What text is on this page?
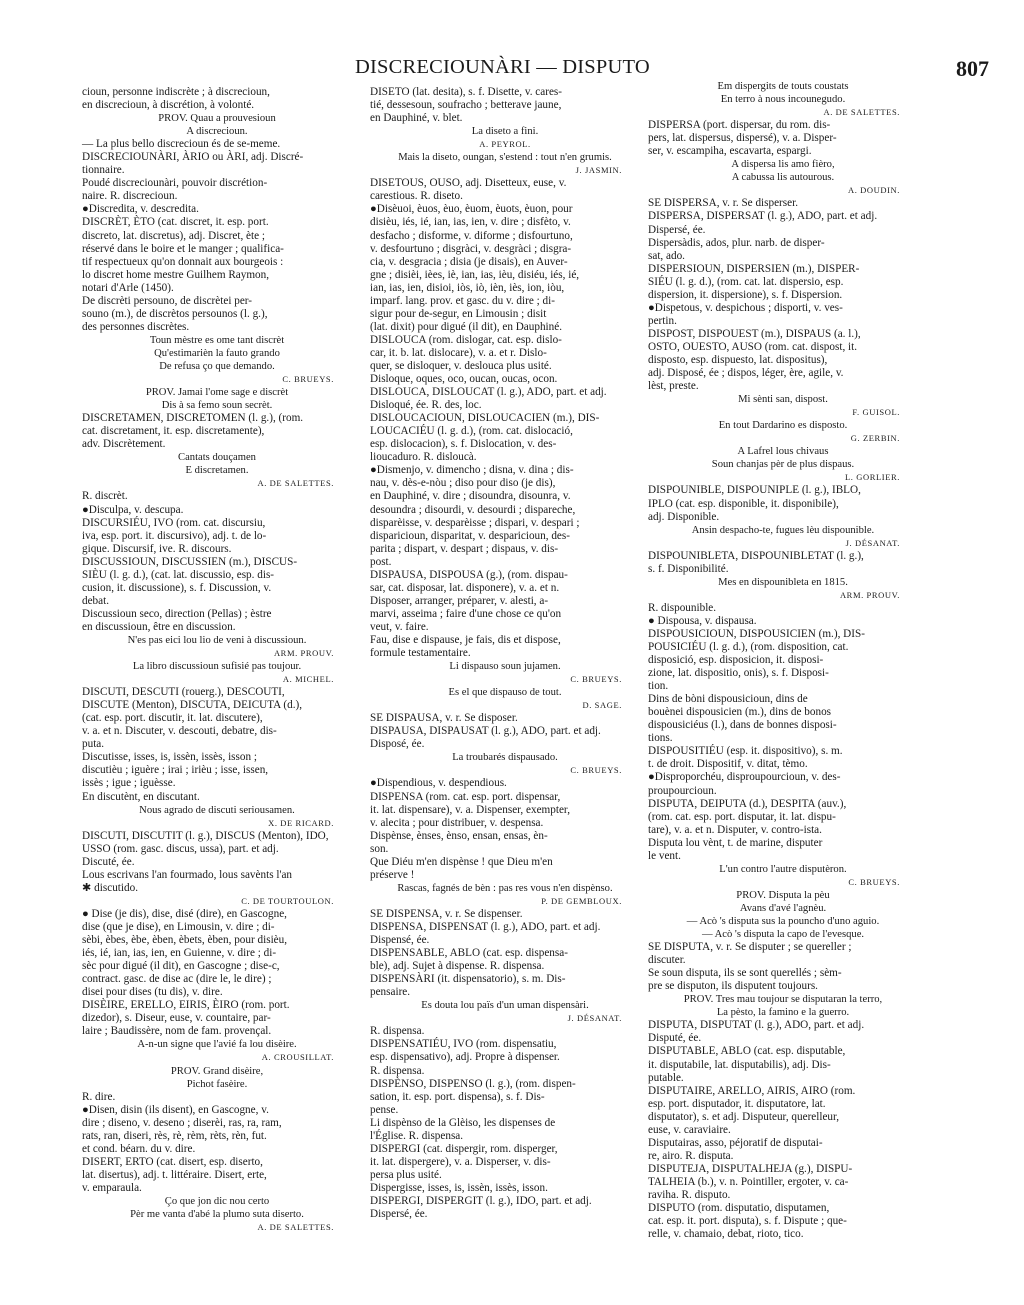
DISCRECIOUNÀRI — DISPUTO	807
cioun, personne indiscrète ; à discrecioun,
en discrecioun, à discrétion, à volonté.
PROV. Quau a prouvesioun
A discrecioun.
— La plus bello discrecioun és de se-meme.
DISCRECIOUNÀRI, ÀRIO ou ÀRI, adj. Discré-
tionnaire.
Poudé discreciounàri, pouvoir discrétion-
naire. R. discrecioun.
●Discredita, v. descredita.
DISCRÈT, ÈTO (cat. discret, it. esp. port.
discreto, lat. discretus), adj. Discret, ète ;
réservé dans le boire et le manger ; qualifica-
tif respectueux qu'on donnait aux bourgeois :
lo discret home mestre Guilhem Raymon,
notari d'Arle (1450).
De discrèti persouno, de discrètei per-
souno (m.), de discrètos persounos (l. g.),
des personnes discrètes.
Toun mèstre es ome tant discrèt
Qu'estimarièn la fauto grando
De refusa ço que demando.
C. BRUEYS.
PROV. Jamai l'ome sage e discrèt
Dis à sa femo soun secrèt.
DISCRETAMEN, DISCRETOMEN (l. g.), (rom.
cat. discretament, it. esp. discretamente),
adv. Discrètement.
Cantats douçamen
E discretamen.
A. DE SALETTES.
R. discrèt.
●Disculpa, v. descupa.
DISCURSIÉU, IVO (rom. cat. discursiu,
iva, esp. port. it. discursivo), adj. t. de lo-
gique. Discursif, ive. R. discours.
DISCUSSIOUN, DISCUSSIEN (m.), DISCUS-
SIÈU (l. g. d.), (cat. lat. discussio, esp. dis-
cusion, it. discussione), s. f. Discussion, v.
debat.
Discussioun seco, direction (Pellas) ; èstre
en discussioun, être en discussion.
N'es pas eici lou lio de veni à discussioun.
ARM. PROUV.
La libro discussioun sufisié pas toujour.
A. MICHEL.
DISCUTI, DESCUTI (rouerg.), DESCOUTI,
DISCUTE (Menton), DISCUTA, DEICUTA (d.),
(cat. esp. port. discutir, it. lat. discutere),
v. a. et n. Discuter, v. descouti, debatre, dis-
puta.
Discutisse, isses, is, issèn, issès, isson ;
discutièu ; iguère ; irai ; irièu ; isse, issen,
issès ; igue ; iguèsse.
En discutènt, en discutant.
Nous agrado de discuti seriousamen.
X. DE RICARD.
DISCUTI, DISCUTIT (l. g.), DISCUS (Menton), IDO,
USSO (rom. gasc. discus, ussa), part. et adj.
Discuté, ée.
Lous escrivans l'an fourmado, lous savènts l'an
✱ discutido.
C. DE TOURTOULON.
● Dise (je dis), dise, disé (dire), en Gascogne,
dise (que je dise), en Limousin, v. dire ; di-
sèbi, èbes, èbe, èben, èbets, èben, pour disièu,
iés, ié, ian, ias, ien, en Guienne, v. dire ; di-
sèc pour digué (il dit), en Gascogne ; dise-c,
contract. gasc. de dise ac (dire le, le dire) ;
disei pour dises (tu dis), v. dire.
DISÈIRE, ERELLO, EIRIS, ÈIRO (rom. port.
dizedor), s. Diseur, euse, v. countaire, par-
laire ; Baudissère, nom de fam. provençal.
A-n-un signe que l'avié fa lou disèire.
A. CROUSILLAT.
PROV. Grand disèire,
Pichot fasèire.
R. dire.
●Disen, disin (ils disent), en Gascogne, v.
dire ; diseno, v. deseno ; diserèi, ras, ra, ram,
rats, ran, diseri, rès, rè, rèm, rèts, rèn, fut.
et cond. béarn. du v. dire.
DISERT, ERTO (cat. disert, esp. diserto,
lat. disertus), adj. t. littéraire. Disert, erte,
v. emparaula.
Ço que jon dic nou certo
Pèr me vanta d'abé la plumo suta diserto.
A. DE SALETTES.
DISETO (lat. desita), s. f. Disette, v. cares-
tié, dessesoun, soufracho ; betterave jaune,
en Dauphiné, v. blet.
La diseto a fini.
A. PEYROL.
Mais la diseto, oungan, s'estend : tout n'en grumis.
J. JASMIN.
DISETOUS, OUSO, adj. Disetteux, euse, v.
carestious. R. diseto.
●Disèuoi, èuos, èuo, èuom, èuots, èuon, pour
disièu, iés, ié, ian, ias, ien, v. dire ; disfèto, v.
desfacho ; disforme, v. diforme ; disfourtuno,
v. desfourtuno ; disgràci, v. desgràci ; disgra-
cia, v. desgracia ; disia (je disais), en Auver-
gne ; disièi, ièes, iè, ian, ias, ièu, disiéu, iés, ié,
ian, ias, ien, disioi, iòs, iò, ièn, iès, ion, iòu,
imparf. lang. prov. et gasc. du v. dire ; di-
sigur pour de-segur, en Limousin ; disit
(lat. dixit) pour digué (il dit), en Dauphiné.
DISLOUCA (rom. dislogar, cat. esp. dislo-
car, it. b. lat. dislocare), v. a. et r. Dislo-
quer, se disloquer, v. deslouca plus usité.
Disloque, oques, oco, oucan, oucas, ocon.
DISLOUCA, DISLOUCAT (l. g.), ADO, part. et adj.
Disloqué, ée. R. des, loc.
DISLOUCACIOUN, DISLOUCACIEN (m.), DIS-
LOUCACIÉU (l. g. d.), (rom. cat. dislocació,
esp. dislocacion), s. f. Dislocation, v. des-
lioucaduro. R. disloucà.
●Dismenjo, v. dimencho ; disna, v. dina ; dis-
nau, v. dès-e-nòu ; diso pour diso (je dis),
en Dauphiné, v. dire ; disoundra, disounra, v.
desoundra ; disourdi, v. desourdi ; dispareche,
disparèisse, v. desparèisse ; dispari, v. despari ;
disparicioun, disparitat, v. desparicioun, des-
parita ; dispart, v. despart ; dispaus, v. dis-
post.
DISPAUSA, DISPOUSA (g.), (rom. dispau-
sar, cat. disposar, lat. disponere), v. a. et n.
Disposer, arranger, préparer, v. alesti, a-
marvi, asseima ; faire d'une chose ce qu'on
veut, v. faire.
Fau, dise e dispause, je fais, dis et dispose,
formule testamentaire.
Li dispauso soun jujamen.
C. BRUEYS.
Es el que dispauso de tout.
D. SAGE.
SE DISPAUSA, v. r. Se disposer.
DISPAUSA, DISPAUSAT (l. g.), ADO, part. et adj.
Disposé, ée.
La troubarés dispausado.
C. BRUEYS.
●Dispendious, v. despendious.
DISPENSA (rom. cat. esp. port. dispensar,
it. lat. dispensare), v. a. Dispenser, exempter,
v. alecita ; pour distribuer, v. despensa.
Dispènse, ènses, ènso, ensan, ensas, èn-
son.
Que Diéu m'en dispènse ! que Dieu m'en
préserve !
Rascas, fagnés de bèn : pas res vous n'en dispènso.
P. DE GEMBLOUX.
SE DISPENSA, v. r. Se dispenser.
DISPENSA, DISPENSAT (l. g.), ADO, part. et adj.
Dispensé, ée.
DISPENSABLE, ABLO (cat. esp. dispensa-
ble), adj. Sujet à dispense. R. dispensa.
DISPENSÀRI (it. dispensatorio), s. m. Dis-
pensaire.
Es douta lou païs d'un uman dispensàri.
J. DÉSANAT.
R. dispensa.
DISPENSATIÉU, IVO (rom. dispensatiu,
esp. dispensativo), adj. Propre à dispenser.
R. dispensa.
DISPÈNSO, DISPENSO (l. g.), (rom. dispen-
sation, it. esp. port. dispensa), s. f. Dis-
pense.
Li dispènso de la Glèiso, les dispenses de
l'Église. R. dispensa.
DISPERGI (cat. dispergir, rom. disperger,
it. lat. dispergere), v. a. Disperser, v. dis-
persa plus usité.
Dispergisse, isses, is, issèn, issès, isson.
DISPERGI, DISPERGIT (l. g.), IDO, part. et adj.
Dispersé, ée.
Em dispergits de touts coustats
En terro à nous incounegudo.
A. DE SALETTES.
DISPERSA (port. dispersar, du rom. dis-
pers, lat. dispersus, dispersé), v. a. Disper-
ser, v. escampiha, escavarta, espargi.
A dispersa lis amo fièro,
A cabussa lis autourous.
A. DOUDIN.
SE DISPERSA, v. r. Se disperser.
DISPERSA, DISPERSAT (l. g.), ADO, part. et adj.
Dispersé, ée.
Dispersàdis, ados, plur. narb. de disper-
sat, ado.
DISPERSIOUN, DISPERSIEN (m.), DISPER-
SIÉU (l. g. d.), (rom. cat. lat. dispersio, esp.
dispersion, it. dispersione), s. f. Dispersion.
●Dispetous, v. despichous ; disporti, v. ves-
pertin.
DISPOST, DISPOUEST (m.), DISPAUS (a. l.),
OSTO, OUESTO, AUSO (rom. cat. dispost, it.
disposto, esp. dispuesto, lat. dispositus),
adj. Disposé, ée ; dispos, léger, ère, agile, v.
lèst, preste.
Mi sènti san, dispost.
F. GUISOL.
En tout Dardarino es disposto.
G. ZERBIN.
A Lafrel lous chivaus
Soun chanjas pèr de plus dispaus.
L. GORLIER.
DISPOUNIBLE, DISPOUNIPLE (l. g.), IBLO,
IPLO (cat. esp. disponible, it. disponibile),
adj. Disponible.
Ansin despacho-te, fugues lèu dispounible.
J. DÉSANAT.
DISPOUNIBLETA, DISPOUNIBLETAT (l. g.),
s. f. Disponibilité.
Mes en dispounibleta en 1815.
ARM. PROUV.
R. dispounible.
● Dispousa, v. dispausa.
DISPOUSICIOUN, DISPOUSICIEN (m.), DIS-
POUSICIÉU (l. g. d.), (rom. disposition, cat.
disposició, esp. disposicion, it. disposi-
zione, lat. dispositio, onis), s. f. Disposi-
tion.
Dins de bòni dispousicioun, dins de
bouènei dispousicien (m.), dins de bonos
dispousiciéus (l.), dans de bonnes disposi-
tions.
DISPOUSITIÉU (esp. it. dispositivo), s. m.
t. de droit. Dispositif, v. ditat, tèmo.
●Disproporchéu, disproupourcioun, v. des-
proupourcioun.
DISPUTA, DEIPUTA (d.), DESPITA (auv.),
(rom. cat. esp. port. disputar, it. lat. dispu-
tare), v. a. et n. Disputer, v. contro-ista.
Disputa lou vènt, t. de marine, disputer
le vent.
L'un contro l'autre disputèron.
C. BRUEYS.
PROV. Disputa la pèu
Avans d'avé l'agnèu.
— Acò 's disputa sus la pouncho d'uno aguio.
— Acò 's disputa la capo de l'evesque.
SE DISPUTA, v. r. Se disputer ; se quereller ;
discuter.
Se soun disputa, ils se sont querellés ; sèm-
pre se disputon, ils disputent toujours.
PROV. Tres mau toujour se disputaran la terro,
La pèsto, la famino e la guerro.
DISPUTA, DISPUTAT (l. g.), ADO, part. et adj.
Disputé, ée.
DISPUTABLE, ABLO (cat. esp. disputable,
it. disputabile, lat. disputabilis), adj. Dis-
putable.
DISPUTAIRE, ARELLO, AIRIS, AIRO (rom.
esp. port. disputador, it. disputatore, lat.
disputator), s. et adj. Disputeur, querelleur,
euse, v. caraviaire.
Disputairas, asso, péjoratif de disputai-
re, airo. R. disputa.
DISPUTEJA, DISPUTALHEJA (g.), DISPU-
TALHEIA (b.), v. n. Pointiller, ergoter, v. ca-
raviha. R. disputo.
DISPUTO (rom. disputatio, disputamen,
cat. esp. it. port. disputa), s. f. Dispute ; que-
relle, v. chamaio, debat, rioto, tico.
